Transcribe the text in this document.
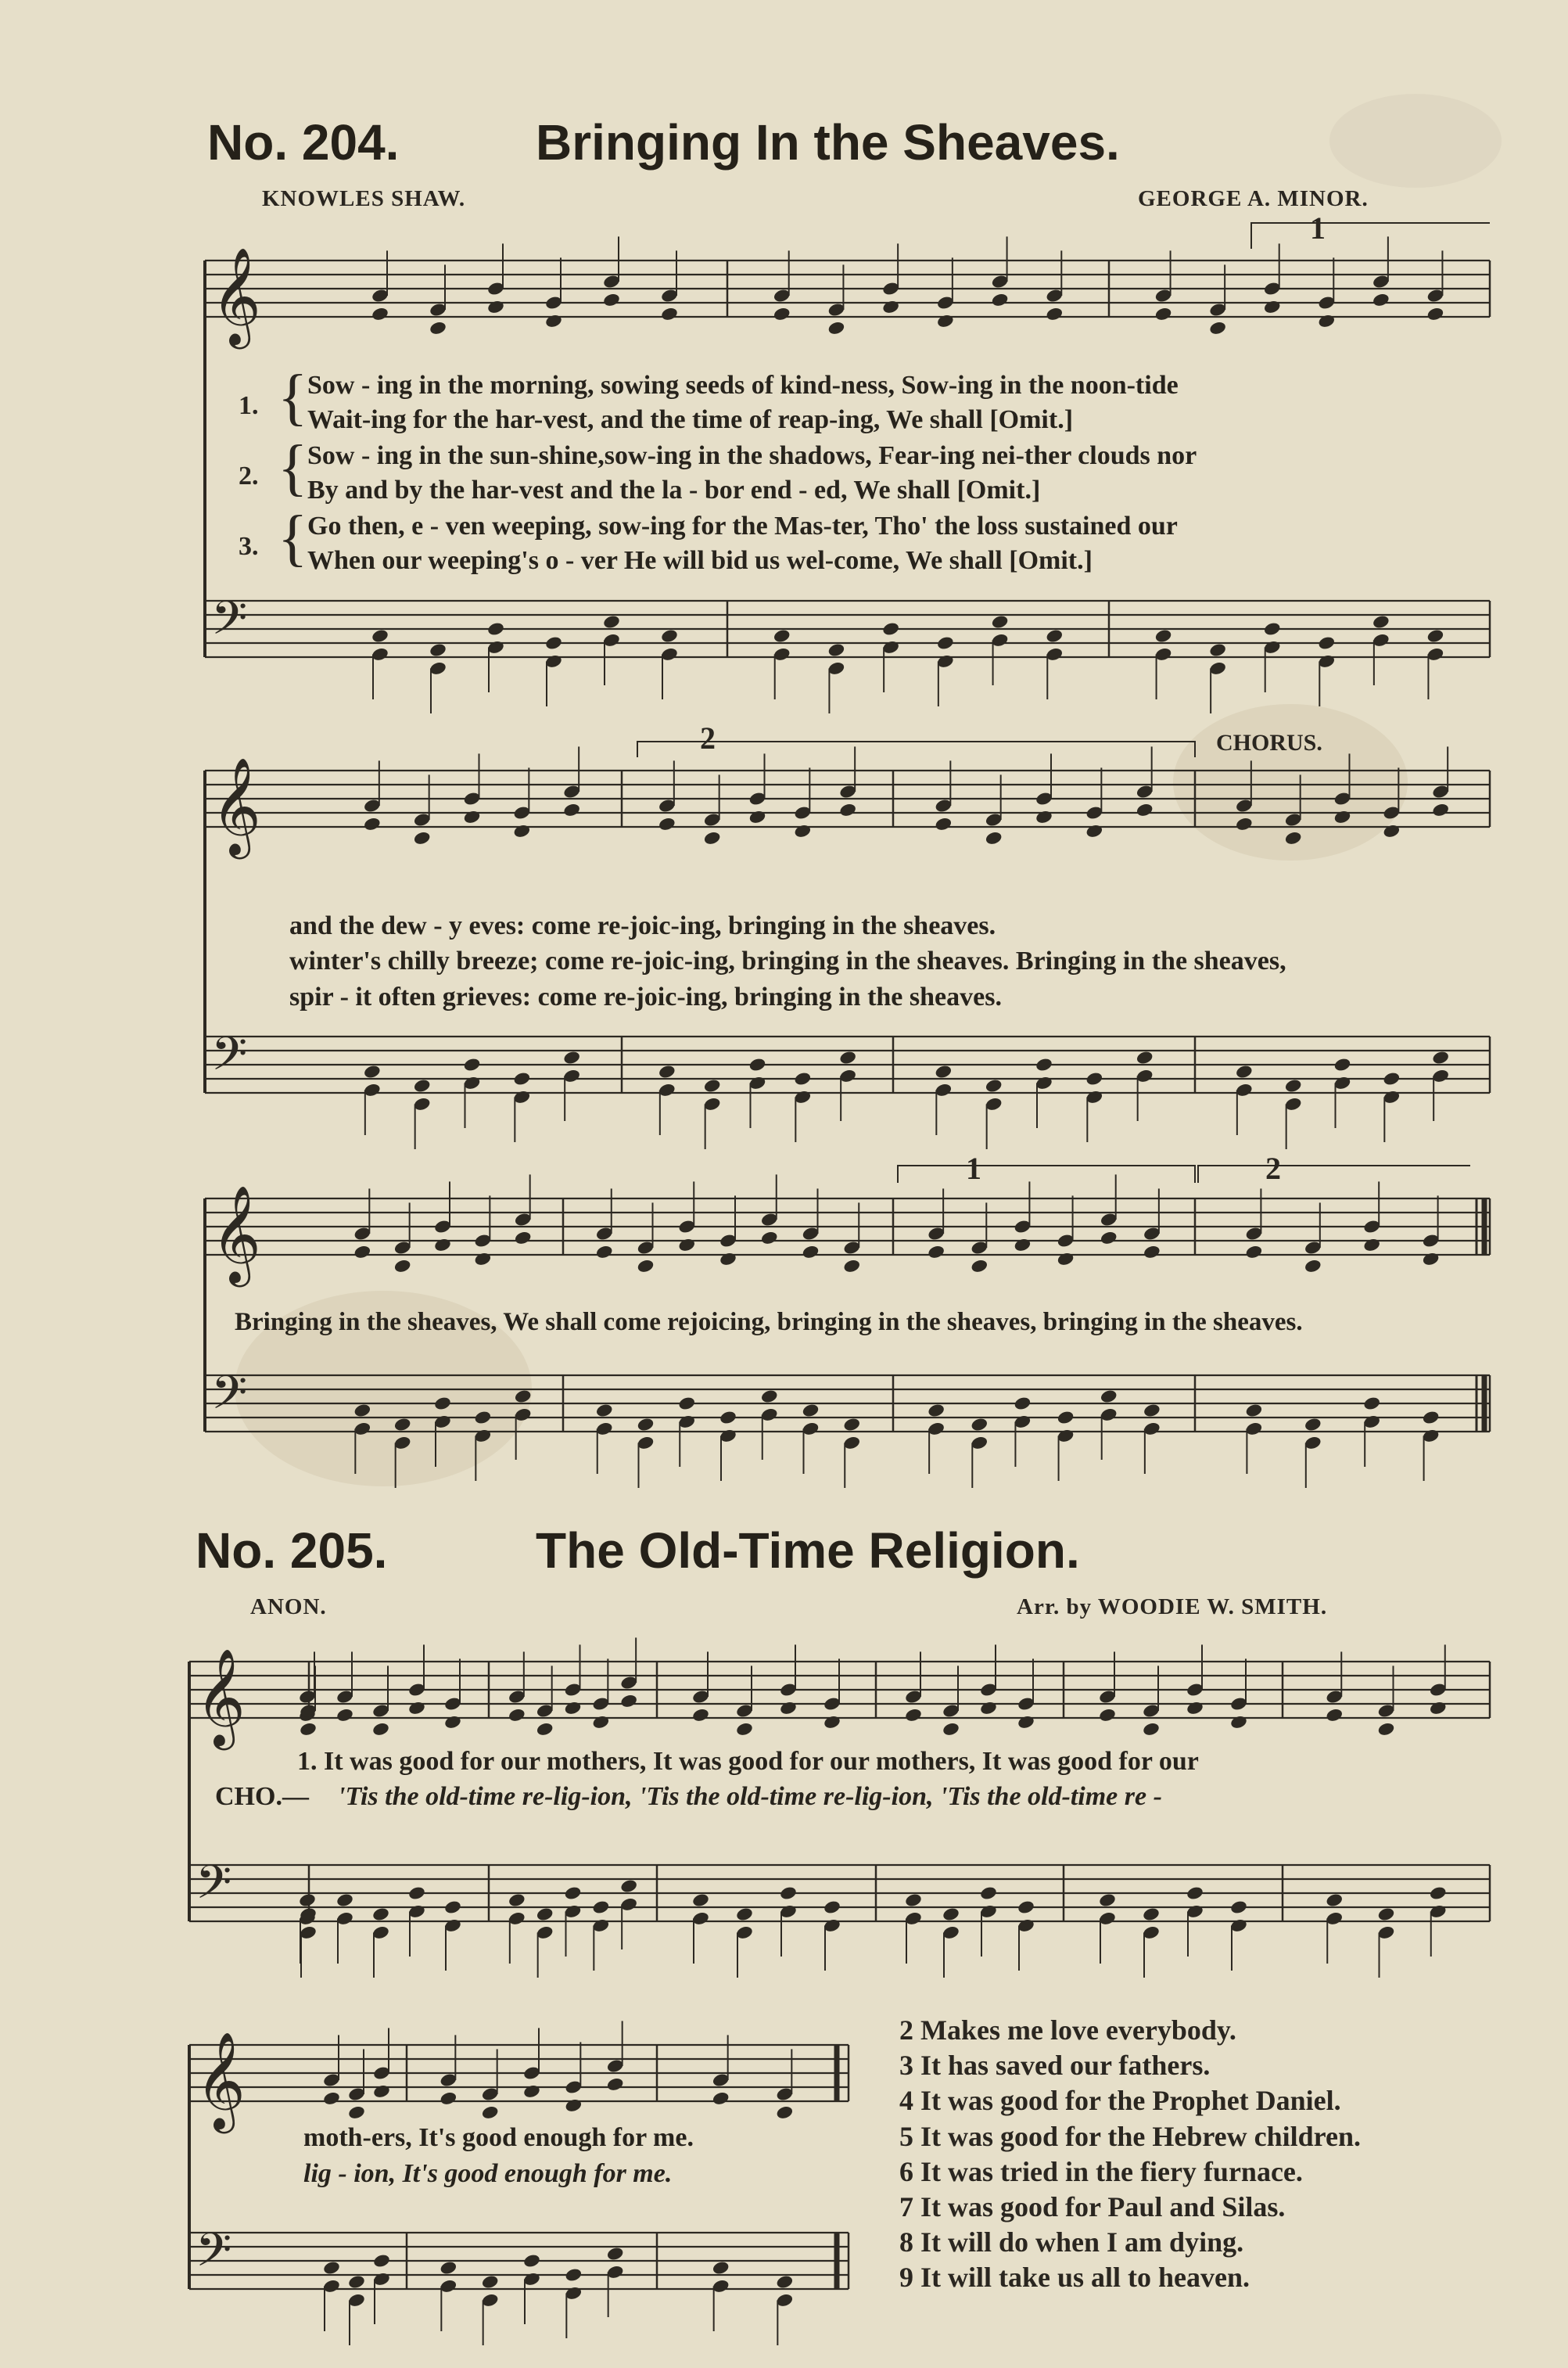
No. 204.	Bringing In the Sheaves.
KNOWLES SHAW.	GEORGE A. MINOR.
1. {
2. {
3. {
Sow - ing in the morning, sowing seeds of kind-ness, Sow-ing in the noon-tide
Wait-ing for the har-vest, and the time of reap-ing, We shall [Omit.]
Sow - ing in the sun-shine,sow-ing in the shadows, Fear-ing nei-ther clouds nor
By and by the har-vest and the la - bor end - ed, We shall [Omit.]
Go then, e - ven weeping, sow-ing for the Mas-ter, Tho' the loss sustained our
When our weeping's o - ver He will bid us wel-come, We shall [Omit.]
CHORUS.
and the dew - y eves: come re-joic-ing, bringing in the sheaves.
winter's chilly breeze; come re-joic-ing, bringing in the sheaves. Bringing in the sheaves,
spir - it often grieves: come re-joic-ing, bringing in the sheaves.
Bringing in the sheaves, We shall come rejoicing, bringing in the sheaves, bringing in the sheaves.
1
2
1	2
No. 205.	The Old-Time Religion.
ANON.	Arr. by WOODIE W. SMITH.
1. It was good for our mothers, It was good for our mothers, It was good for our
CHO.— 'Tis the old-time re-lig-ion, 'Tis the old-time re-lig-ion, 'Tis the old-time re -
moth-ers, It's good enough for me.
lig - ion, It's good enough for me.
2 Makes me love everybody.
3 It has saved our fathers.
4 It was good for the Prophet Daniel.
5 It was good for the Hebrew children.
6 It was tried in the fiery furnace.
7 It was good for Paul and Silas.
8 It will do when I am dying.
9 It will take us all to heaven.
𝄞
𝄢
𝄞
𝄢
𝄞
𝄢
𝄞
𝄢
𝄞
𝄢
